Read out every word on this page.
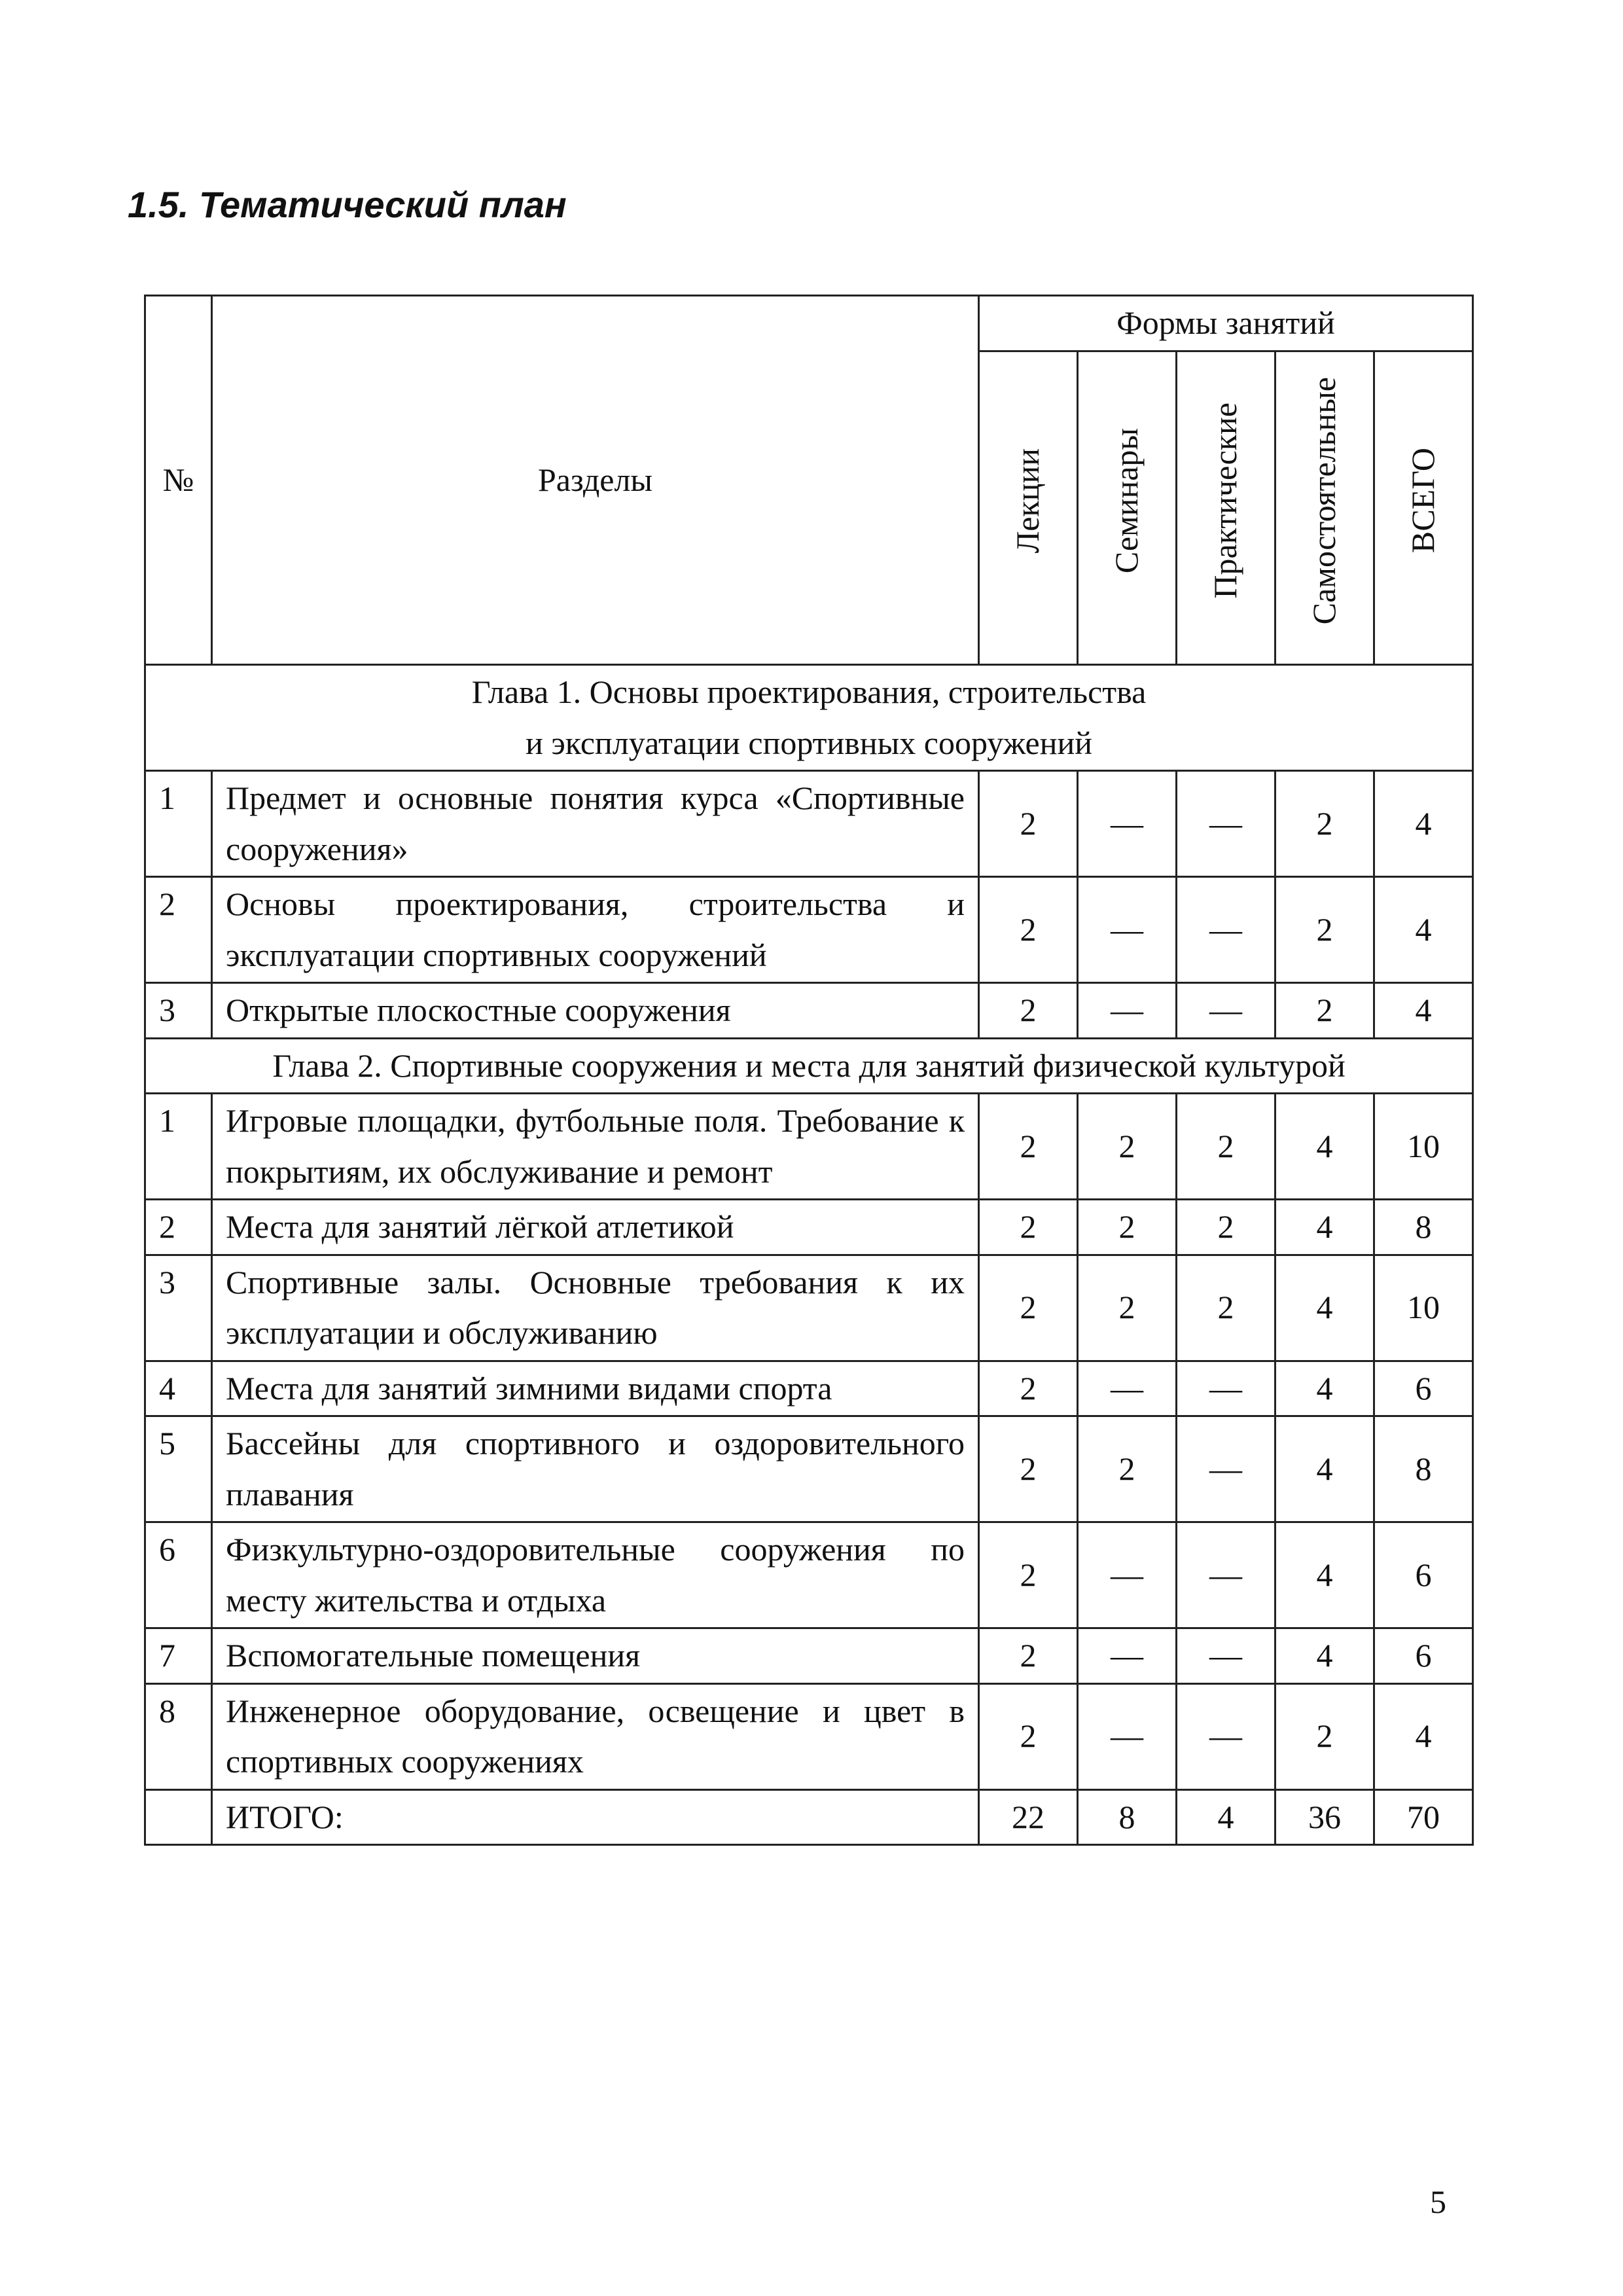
1.5. Тематический план
№	Разделы	Формы занятий				
		Лекции	Семинары	Практические	Самостоятельные	ВСЕГО
Глава 1. Основы проектирования, строительства
и эксплуатации спортивных сооружений						
1	Предмет и основные понятия курса «Спортивные сооружения»	2	—	—	2	4
2	Основы проектирования, строительства и эксплуатации спортивных сооружений	2	—	—	2	4
3	Открытые плоскостные сооружения	2	—	—	2	4
Глава 2. Спортивные сооружения и места для занятий физической культурой						
1	Игровые площадки, футбольные поля. Требование к покрытиям, их обслуживание и ремонт	2	2	2	4	10
2	Места для занятий лёгкой атлетикой	2	2	2	4	8
3	Спортивные залы. Основные требования к их эксплуатации и обслуживанию	2	2	2	4	10
4	Места для занятий зимними видами спорта	2	—	—	4	6
5	Бассейны для спортивного и оздоровительного плавания	2	2	—	4	8
6	Физкультурно-оздоровительные сооружения по месту жительства и отдыха	2	—	—	4	6
7	Вспомогательные помещения	2	—	—	4	6
8	Инженерное оборудование, освещение и цвет в спортивных сооружениях	2	—	—	2	4
	ИТОГО:	22	8	4	36	70
5
